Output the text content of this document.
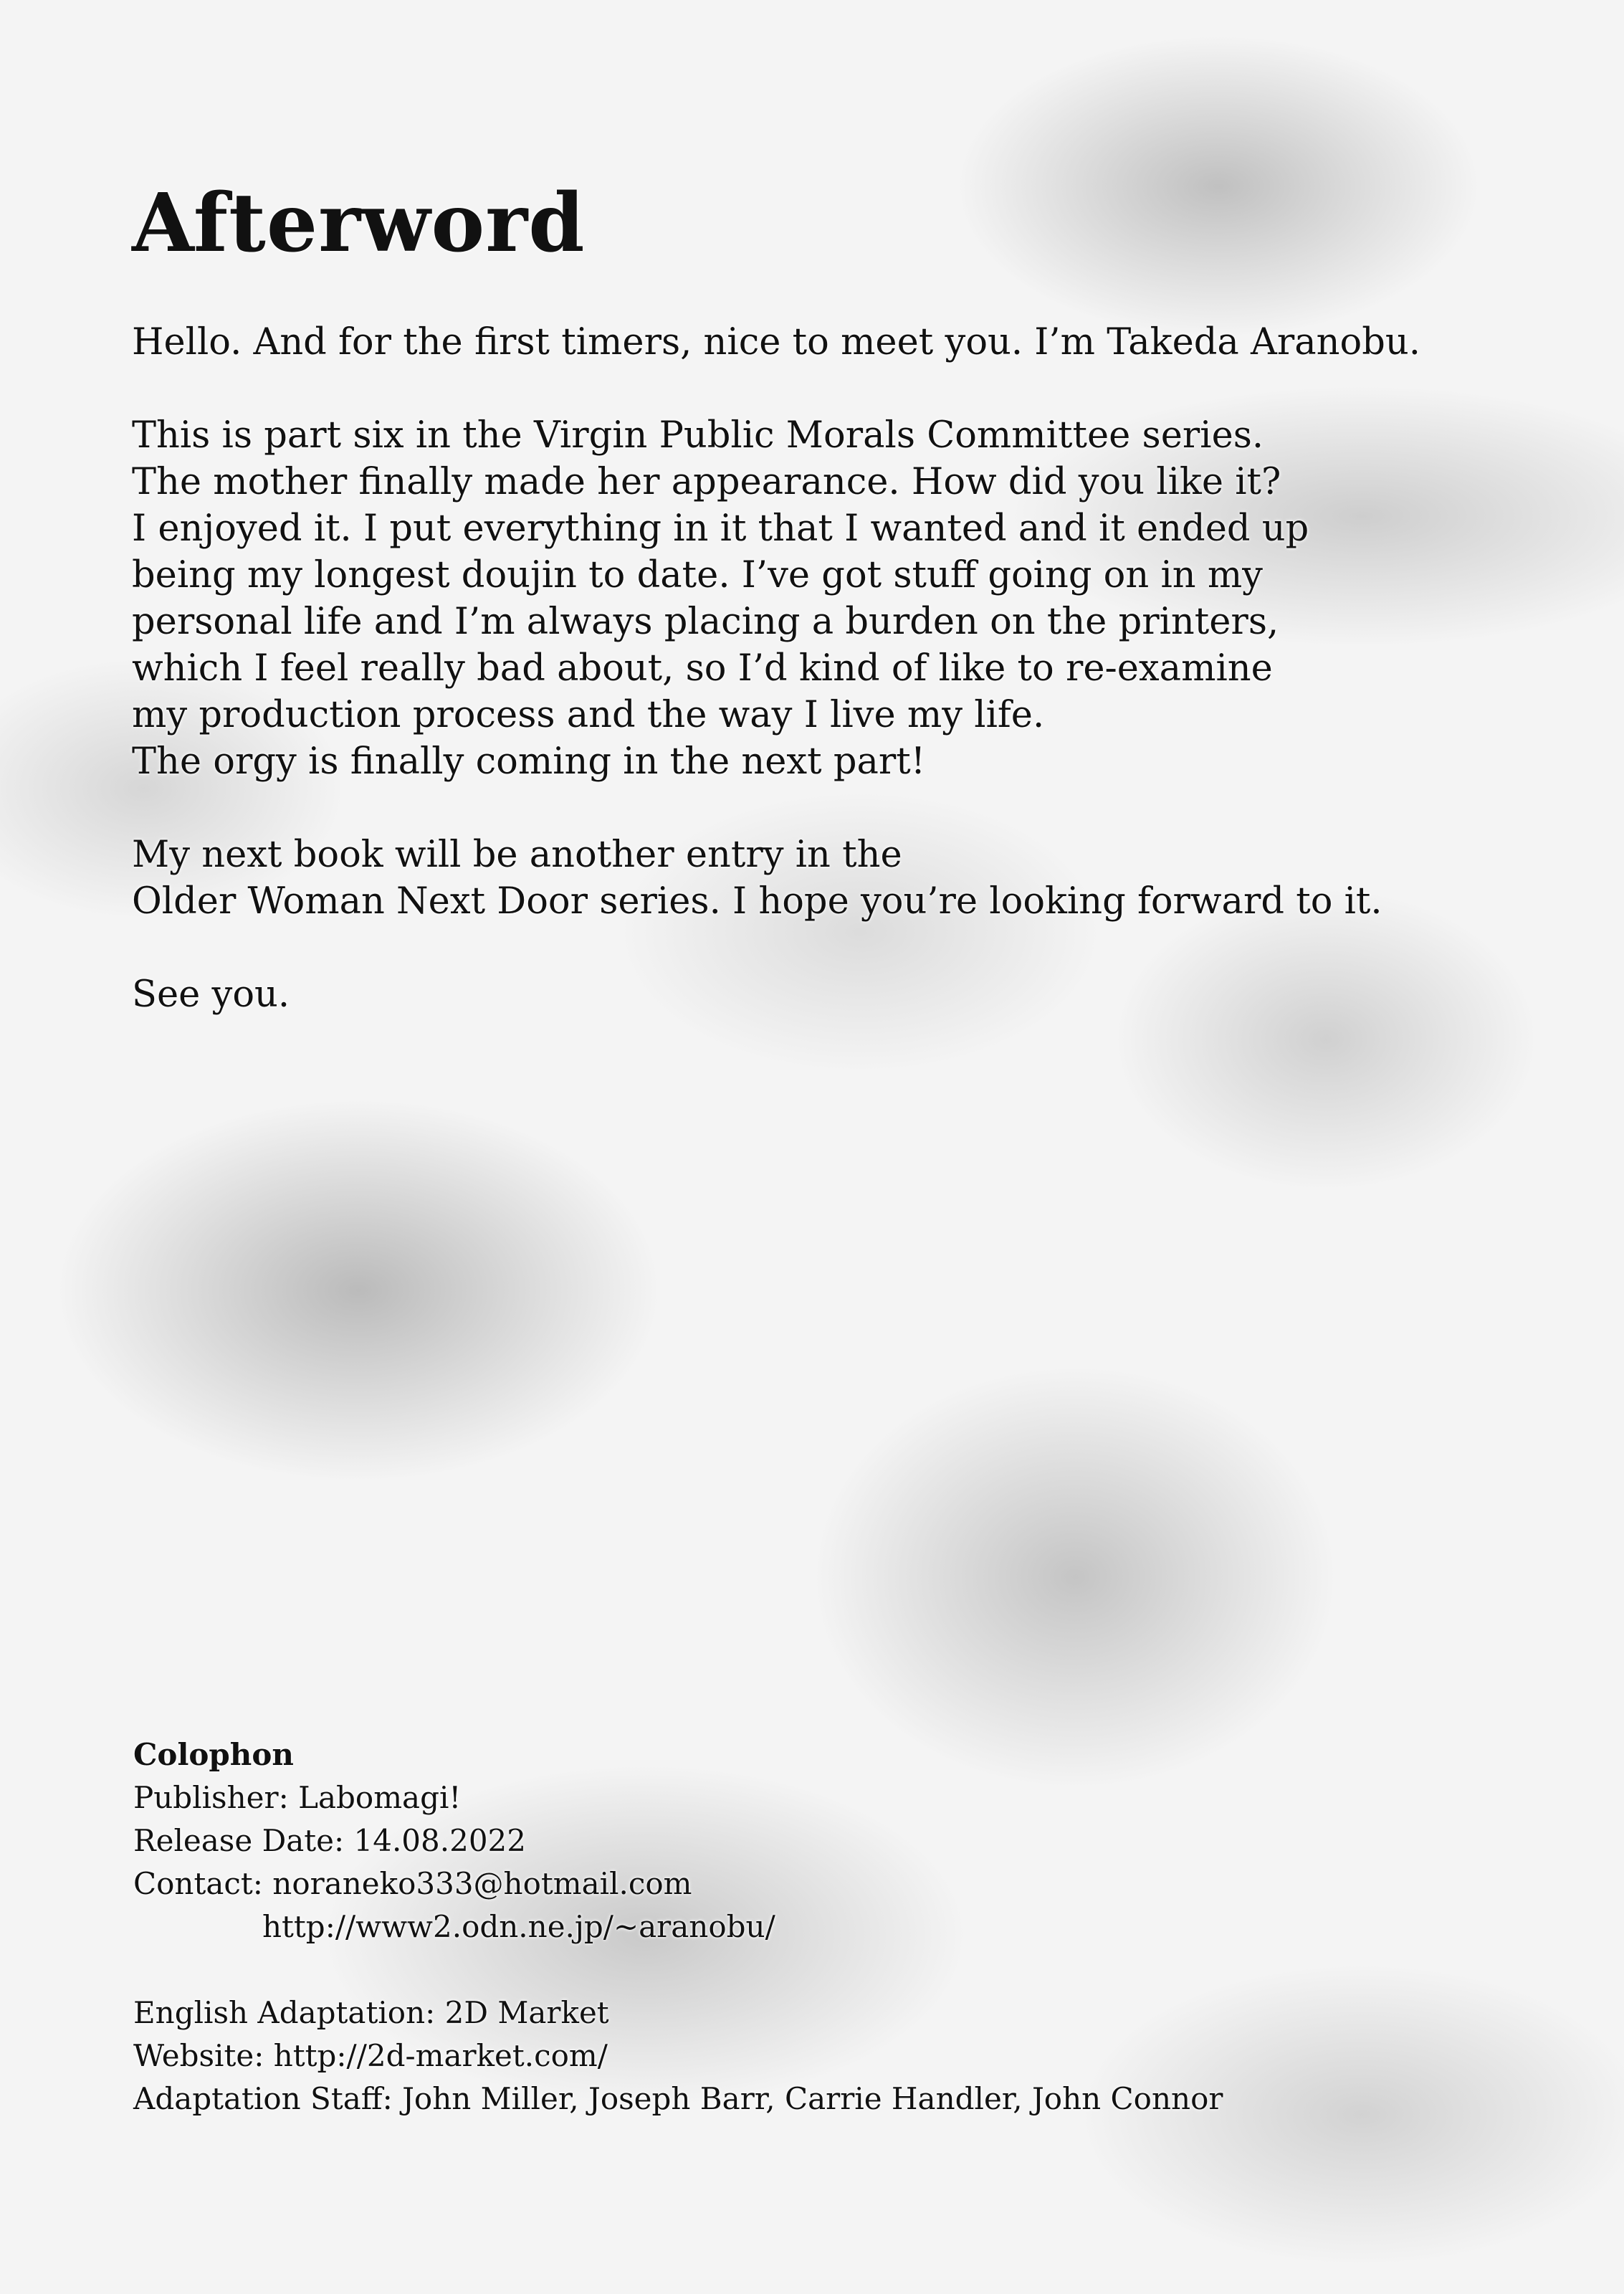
Afterword

Hello. And for the first timers, nice to meet you. I’m Takeda Aranobu.

This is part six in the Virgin Public Morals Committee series.
The mother finally made her appearance. How did you like it?
I enjoyed it. I put everything in it that I wanted and it ended up
being my longest doujin to date. I’ve got stuff going on in my
personal life and I’m always placing a burden on the printers,
which I feel really bad about, so I’d kind of like to re-examine
my production process and the way I live my life.
The orgy is finally coming in the next part!

My next book will be another entry in the
Older Woman Next Door series. I hope you’re looking forward to it.

See you.

Colophon
Publisher: Labomagi!
Release Date: 14.08.2022
Contact: noraneko333@hotmail.com
http://www2.odn.ne.jp/~aranobu/
English Adaptation: 2D Market
Website: http://2d-market.com/
Adaptation Staff: John Miller, Joseph Barr, Carrie Handler, John Connor
